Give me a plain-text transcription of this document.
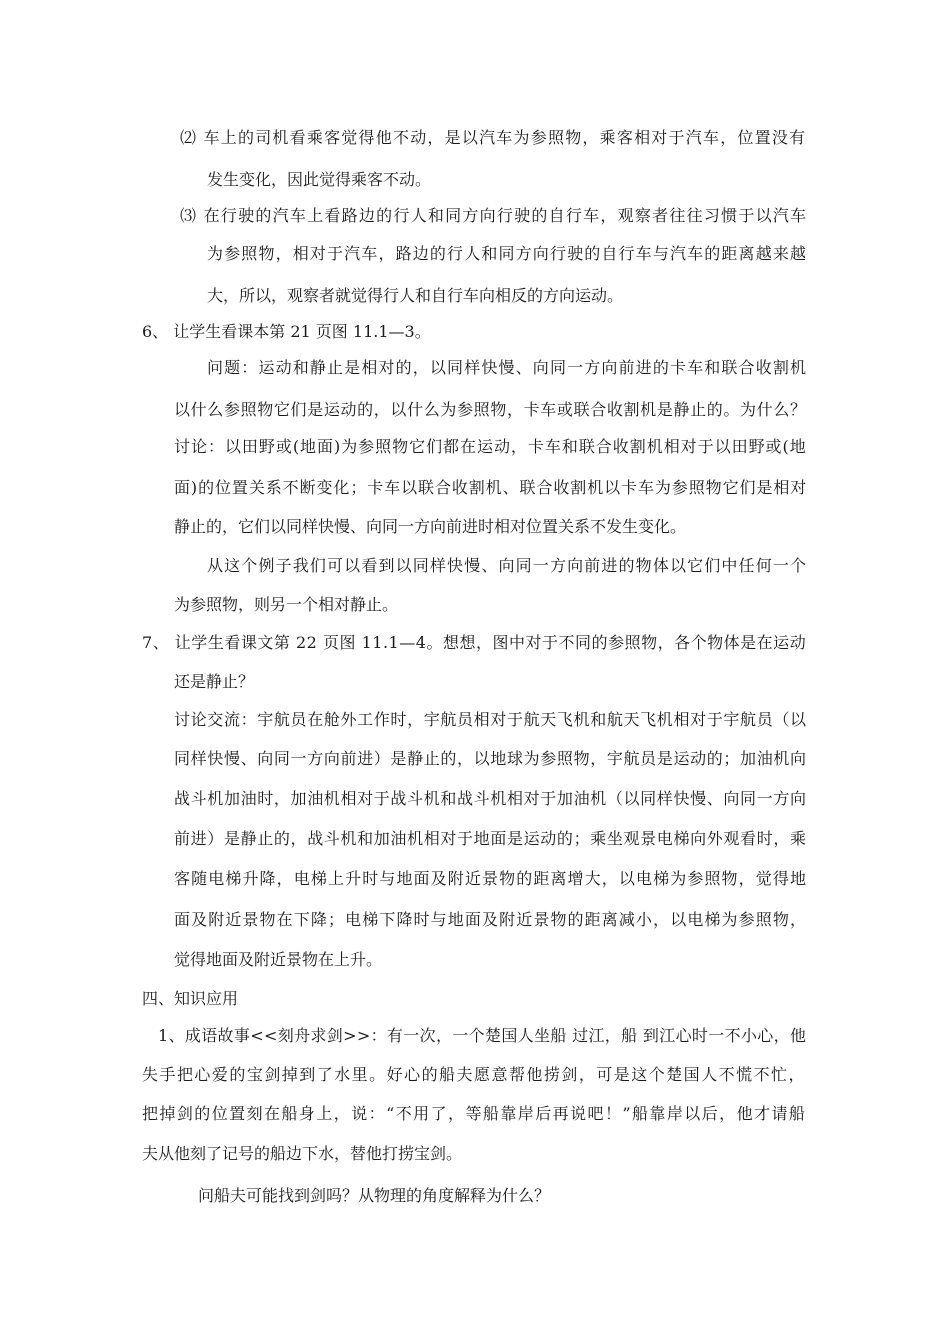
⑵ 车上的司机看乘客觉得他不动，是以汽车为参照物，乘客相对于汽车，位置没有
发生变化，因此觉得乘客不动。
⑶ 在行驶的汽车上看路边的行人和同方向行驶的自行车，观察者往往习惯于以汽车
为参照物，相对于汽车，路边的行人和同方向行驶的自行车与汽车的距离越来越
大，所以，观察者就觉得行人和自行车向相反的方向运动。
6、 让学生看课本第 21 页图 11.1—3。
问题：运动和静止是相对的，以同样快慢、向同一方向前进的卡车和联合收割机
以什么参照物它们是运动的，以什么为参照物，卡车或联合收割机是静止的。为什么？
讨论：以田野或(地面)为参照物它们都在运动，卡车和联合收割机相对于以田野或(地
面)的位置关系不断变化；卡车以联合收割机、联合收割机以卡车为参照物它们是相对
静止的，它们以同样快慢、向同一方向前进时相对位置关系不发生变化。
从这个例子我们可以看到以同样快慢、向同一方向前进的物体以它们中任何一个
为参照物，则另一个相对静止。
7、 让学生看课文第 22 页图 11.1—4。想想，图中对于不同的参照物，各个物体是在运动
还是静止？
讨论交流：宇航员在舱外工作时，宇航员相对于航天飞机和航天飞机相对于宇航员（以
同样快慢、向同一方向前进）是静止的，以地球为参照物，宇航员是运动的；加油机向
战斗机加油时，加油机相对于战斗机和战斗机相对于加油机（以同样快慢、向同一方向
前进）是静止的，战斗机和加油机相对于地面是运动的；乘坐观景电梯向外观看时，乘
客随电梯升降，电梯上升时与地面及附近景物的距离增大，以电梯为参照物，觉得地
面及附近景物在下降；电梯下降时与地面及附近景物的距离减小，以电梯为参照物，
觉得地面及附近景物在上升。
四、知识应用
1、成语故事<<刻舟求剑>>：有一次，一个楚国人坐船 过江，船 到江心时一不小心，他
失手把心爱的宝剑掉到了水里。好心的船夫愿意帮他捞剑，可是这个楚国人不慌不忙，
把掉剑的位置刻在船身上，说：“不用了，等船靠岸后再说吧！”船靠岸以后，他才请船
夫从他刻了记号的船边下水，替他打捞宝剑。
问船夫可能找到剑吗？从物理的角度解释为什么？
